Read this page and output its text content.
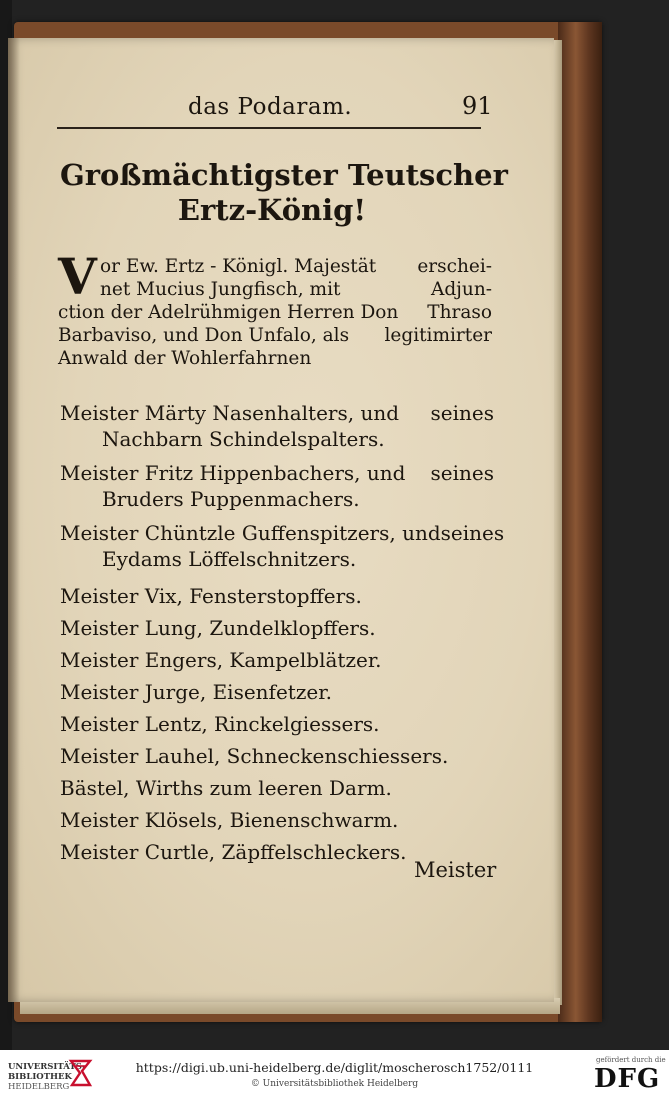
das Podaram.	91
Großmächtigster Teutscher
Ertz-König!
V or Ew. Ertz - Königl. Majestät erschei-
net Mucius Jungfisch, mit	Adjun-
ction der Adelrühmigen Herren Don Thraso
Barbaviso, und Don Unfalo, als legitimirter
Anwald der Wohlerfahrnen
Meister Märty Nasenhalters, und seines
Nachbarn Schindelspalters.
Meister Fritz Hippenbachers, und seines
Bruders Puppenmachers.
Meister Chüntzle Guffenspitzers, und seines
Eydams Löffelschnitzers.
Meister Vix, Fensterstopffers.
Meister Lung, Zundelklopffers.
Meister Engers, Kampelblätzer.
Meister Jurge, Eisenfetzer.
Meister Lentz, Rinckelgiessers.
Meister Lauhel, Schneckenschiessers.
Bästel, Wirths zum leeren Darm.
Meister Klösels, Bienenschwarm.
Meister Curtle, Zäpffelschleckers.
Meister
UNIVERSITÄTS-
BIBLIOTHEK
HEIDELBERG
https://digi.ub.uni-heidelberg.de/diglit/moscherosch1752/0111
© Universitätsbibliothek Heidelberg
gefördert durch die
DFG
